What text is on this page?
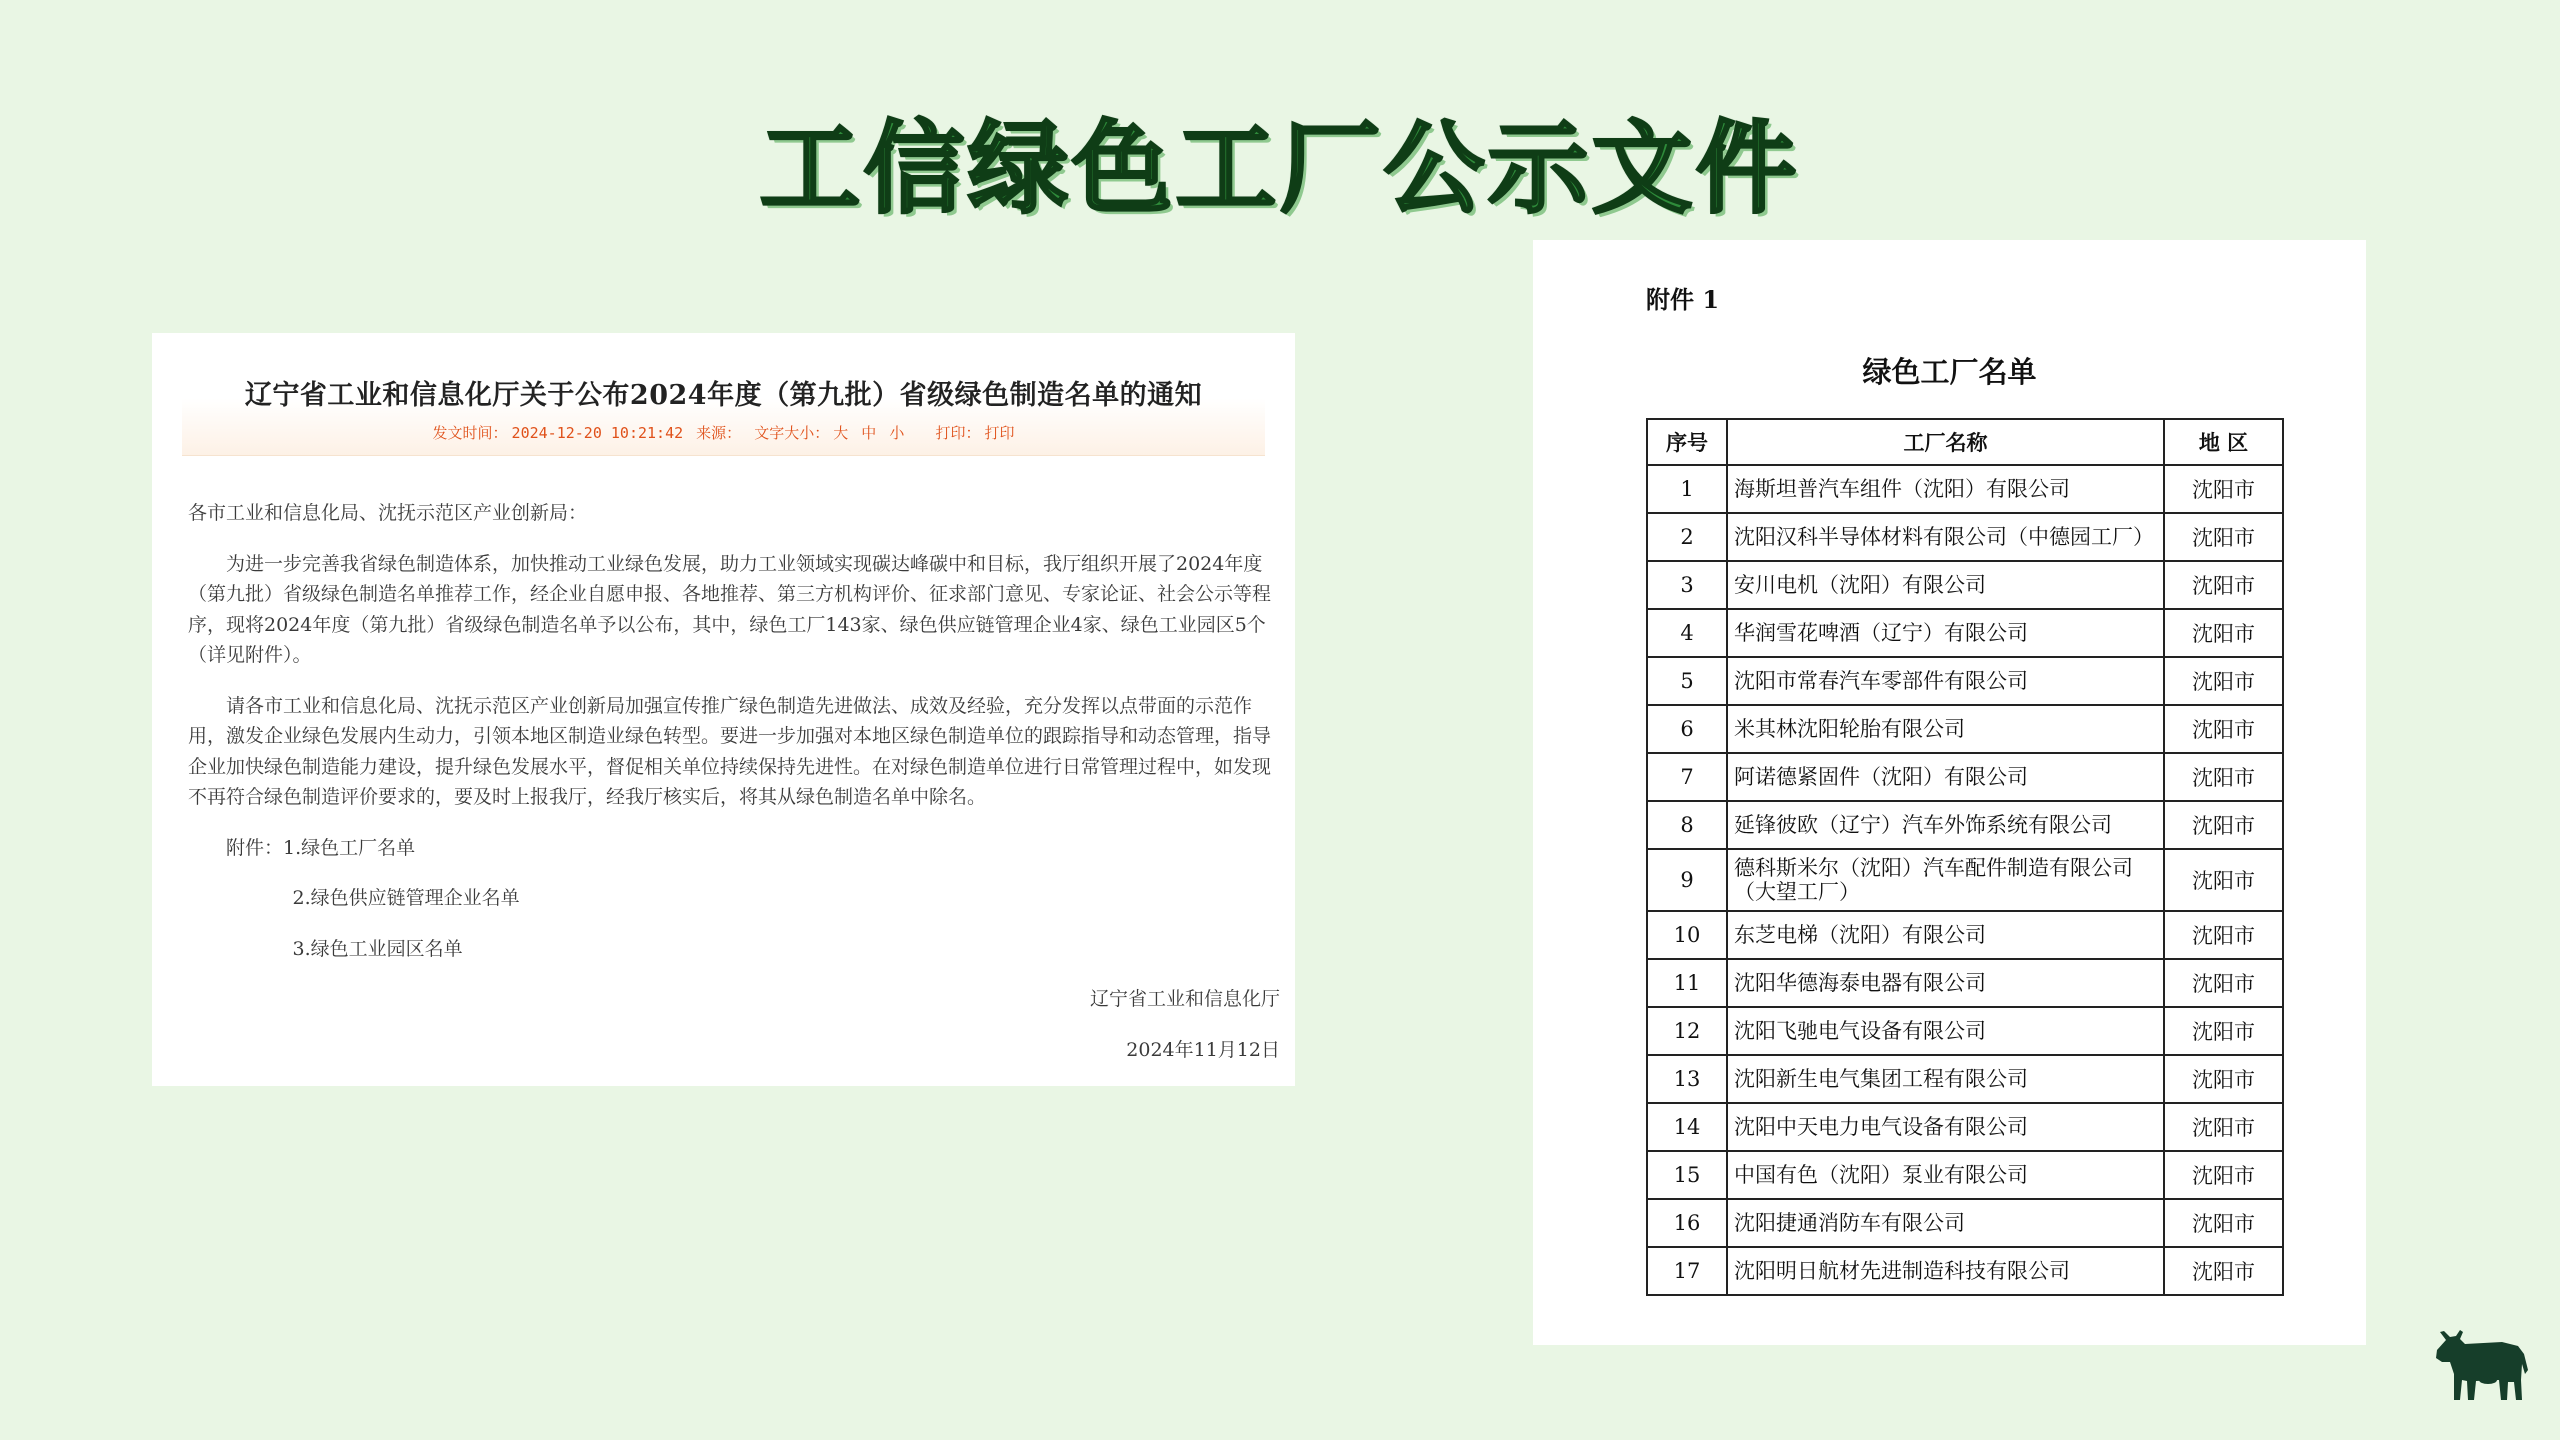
工信绿色工厂公示文件
辽宁省工业和信息化厅关于公布2024年度（第九批）省级绿色制造名单的通知
发文时间： 2024-12-20 10:21:42 来源： 文字大小： 大 中 小 打印： 打印

各市工业和信息化局、沈抚示范区产业创新局：

为进一步完善我省绿色制造体系，加快推动工业绿色发展，助力工业领域实现碳达峰碳中和目标，我厅组织开展了2024年度（第九批）省级绿色制造名单推荐工作，经企业自愿申报、各地推荐、第三方机构评价、征求部门意见、专家论证、社会公示等程序，现将2024年度（第九批）省级绿色制造名单予以公布，其中，绿色工厂143家、绿色供应链管理企业4家、绿色工业园区5个（详见附件）。

请各市工业和信息化局、沈抚示范区产业创新局加强宣传推广绿色制造先进做法、成效及经验，充分发挥以点带面的示范作用，激发企业绿色发展内生动力，引领本地区制造业绿色转型。要进一步加强对本地区绿色制造单位的跟踪指导和动态管理，指导企业加快绿色制造能力建设，提升绿色发展水平，督促相关单位持续保持先进性。在对绿色制造单位进行日常管理过程中，如发现不再符合绿色制造评价要求的，要及时上报我厅，经我厅核实后，将其从绿色制造名单中除名。

附件：1.绿色工厂名单

2.绿色供应链管理企业名单

3.绿色工业园区名单

辽宁省工业和信息化厅

2024年11月12日

附件 1
绿色工厂名单
序号	工厂名称	地 区
1	海斯坦普汽车组件（沈阳）有限公司	沈阳市
2	沈阳汉科半导体材料有限公司（中德园工厂）	沈阳市
3	安川电机（沈阳）有限公司	沈阳市
4	华润雪花啤酒（辽宁）有限公司	沈阳市
5	沈阳市常春汽车零部件有限公司	沈阳市
6	米其林沈阳轮胎有限公司	沈阳市
7	阿诺德紧固件（沈阳）有限公司	沈阳市
8	延锋彼欧（辽宁）汽车外饰系统有限公司	沈阳市
9	德科斯米尔（沈阳）汽车配件制造有限公司（大望工厂）	沈阳市
10	东芝电梯（沈阳）有限公司	沈阳市
11	沈阳华德海泰电器有限公司	沈阳市
12	沈阳飞驰电气设备有限公司	沈阳市
13	沈阳新生电气集团工程有限公司	沈阳市
14	沈阳中天电力电气设备有限公司	沈阳市
15	中国有色（沈阳）泵业有限公司	沈阳市
16	沈阳捷通消防车有限公司	沈阳市
17	沈阳明日航材先进制造科技有限公司	沈阳市
